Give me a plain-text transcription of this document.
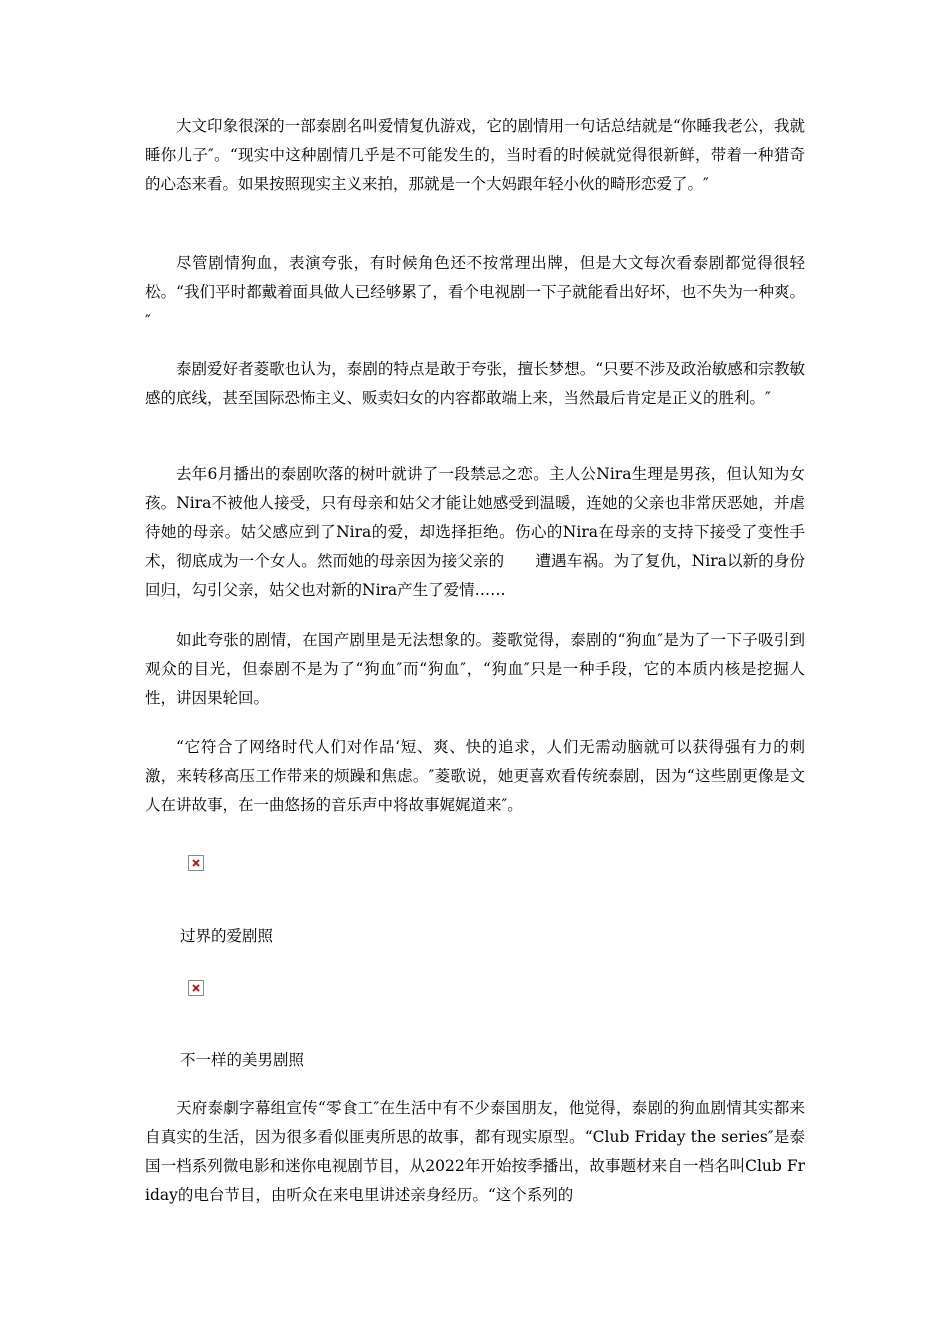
大文印象很深的一部泰剧名叫爱情复仇游戏，它的剧情用一句话总结就是“你睡我老公，我就睡你儿子″。“现实中这种剧情几乎是不可能发生的，当时看的时候就觉得很新鲜，带着一种猎奇的心态来看。如果按照现实主义来拍，那就是一个大妈跟年轻小伙的畸形恋爱了。″

尽管剧情狗血，表演夸张，有时候角色还不按常理出牌，但是大文每次看泰剧都觉得很轻松。“我们平时都戴着面具做人已经够累了，看个电视剧一下子就能看出好坏，也不失为一种爽。″

泰剧爱好者菱歌也认为，泰剧的特点是敢于夸张，擅长梦想。“只要不涉及政治敏感和宗教敏感的底线，甚至国际恐怖主义、贩卖妇女的内容都敢端上来，当然最后肯定是正义的胜利。″

去年6月播出的泰剧吹落的树叶就讲了一段禁忌之恋。主人公Nira生理是男孩，但认知为女孩。Nira不被他人接受，只有母亲和姑父才能让她感受到温暖，连她的父亲也非常厌恶她，并虐待她的母亲。姑父感应到了Nira的爱，却选择拒绝。伤心的Nira在母亲的支持下接受了变性手术，彻底成为一个女人。然而她的母亲因为接父亲的　　遭遇车祸。为了复仇，Nira以新的身份回归，勾引父亲，姑父也对新的Nira产生了爱情……

如此夸张的剧情，在国产剧里是无法想象的。菱歌觉得，泰剧的“狗血″是为了一下子吸引到观众的目光，但泰剧不是为了“狗血″而“狗血″，“狗血″只是一种手段，它的本质内核是挖掘人性，讲因果轮回。

“它符合了网络时代人们对作品‘短、爽、快的追求，人们无需动脑就可以获得强有力的刺激，来转移高压工作带来的烦躁和焦虑。″菱歌说，她更喜欢看传统泰剧，因为“这些剧更像是文人在讲故事，在一曲悠扬的音乐声中将故事娓娓道来″。

过界的爱剧照

不一样的美男剧照

天府泰劇字幕组宣传“零食工″在生活中有不少泰国朋友，他觉得，泰剧的狗血剧情其实都来自真实的生活，因为很多看似匪夷所思的故事，都有现实原型。“Club Friday the series″是泰国一档系列微电影和迷你电视剧节目，从2022年开始按季播出，故事题材来自一档名叫Club Friday的电台节目，由听众在来电里讲述亲身经历。“这个系列的
